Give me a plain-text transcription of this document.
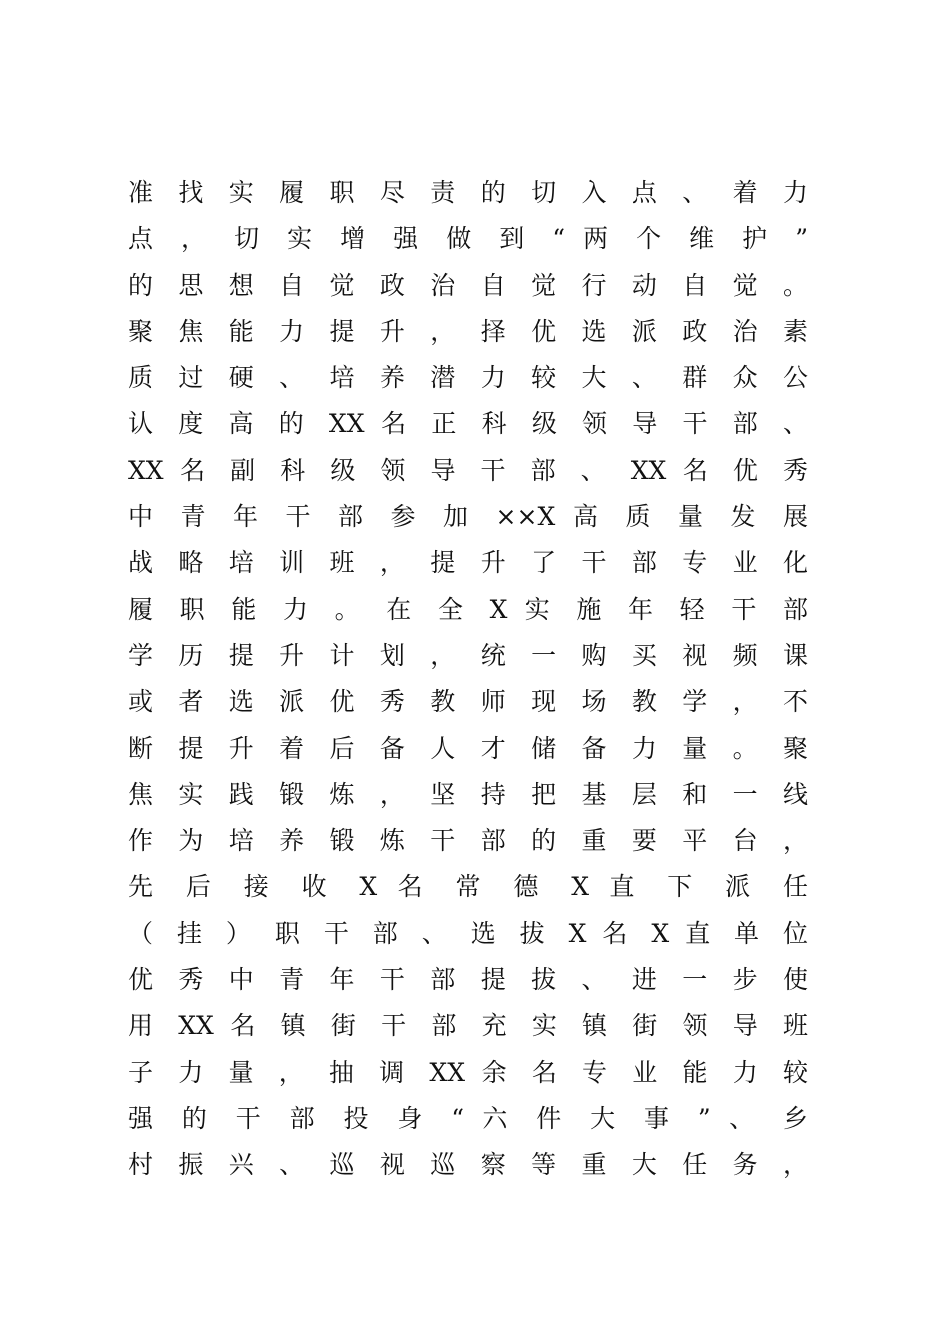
准 找 实 履 职 尽 责 的 切 入 点 、 着 力
点 ， 切 实 增 强 做 到 “ 两 个 维 护 ”
的 思 想 自 觉 政 治 自 觉 行 动 自 觉 。
聚 焦 能 力 提 升 ， 择 优 选 派 政 治 素
质 过 硬 、 培 养 潜 力 较 大 、 群 众 公
认 度 高 的 XX 名 正 科 级 领 导 干 部 、
XX 名 副 科 级 领 导 干 部 、 XX 名 优 秀
中 青 年 干 部 参 加 ××X 高 质 量 发 展
战 略 培 训 班 ， 提 升 了 干 部 专 业 化
履 职 能 力 。 在 全 X 实 施 年 轻 干 部
学 历 提 升 计 划 ， 统 一 购 买 视 频 课
或 者 选 派 优 秀 教 师 现 场 教 学 ， 不
断 提 升 着 后 备 人 才 储 备 力 量 。 聚
焦 实 践 锻 炼 ， 坚 持 把 基 层 和 一 线
作 为 培 养 锻 炼 干 部 的 重 要 平 台 ，
先 后 接 收 X 名 常 德 X 直 下 派 任
（ 挂 ） 职 干 部 、 选 拔 X 名 X 直 单 位
优 秀 中 青 年 干 部 提 拔 、 进 一 步 使
用 XX 名 镇 街 干 部 充 实 镇 街 领 导 班
子 力 量 ， 抽 调 XX 余 名 专 业 能 力 较
强 的 干 部 投 身 “ 六 件 大 事 ” 、 乡
村 振 兴 、 巡 视 巡 察 等 重 大 任 务 ，
